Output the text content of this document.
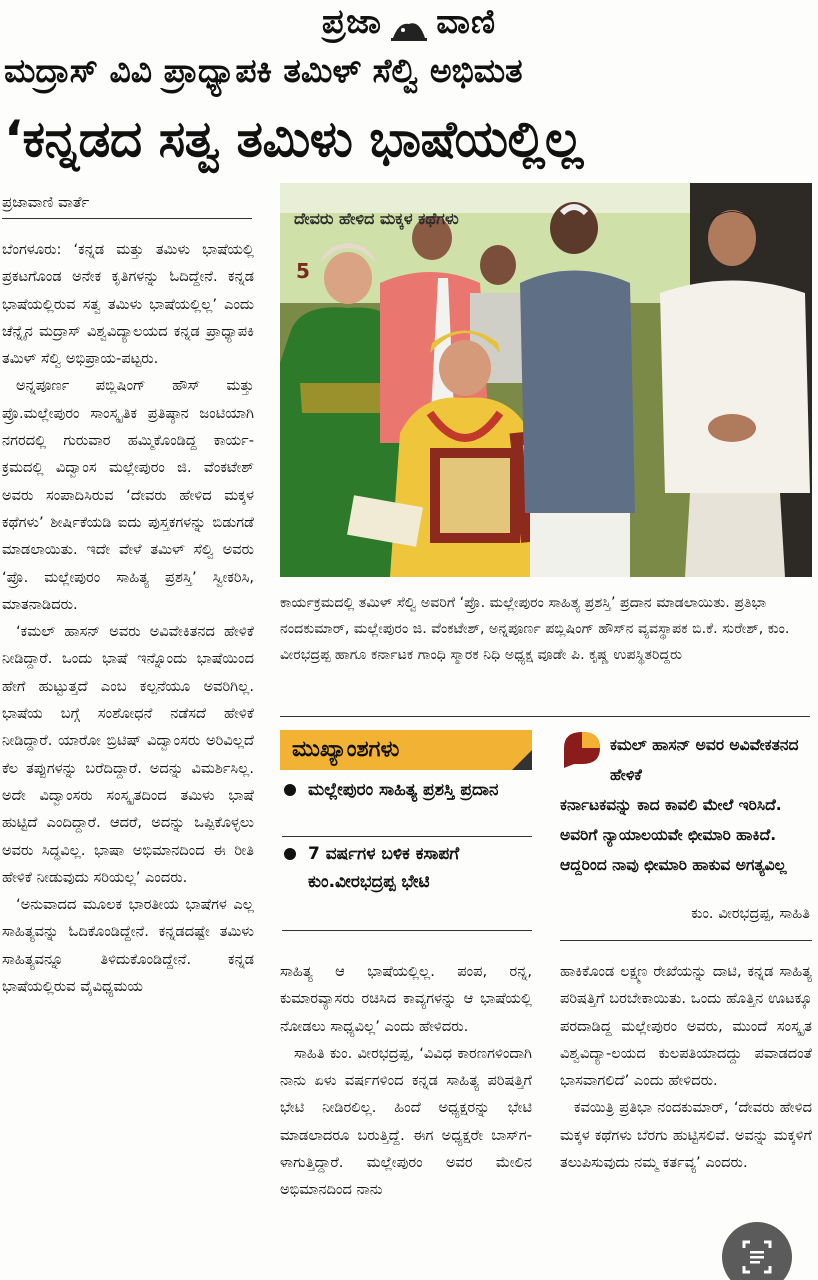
ಪ್ರಜಾ ವಾಣಿ
ಮದ್ರಾಸ್ ವಿವಿ ಪ್ರಾಧ್ಯಾಪಕಿ ತಮಿಳ್ ಸೆಲ್ವಿ ಅಭಿಮತ
‘ಕನ್ನಡದ ಸತ್ವ ತಮಿಳು ಭಾಷೆಯಲ್ಲಿಲ್ಲ
ಪ್ರಜಾವಾಣಿ ವಾರ್ತೆ

ಬೆಂಗಳೂರು: ‘ಕನ್ನಡ ಮತ್ತು ತಮಿಳು ಭಾಷೆಯಲ್ಲಿ ಪ್ರಕಟಗೊಂಡ ಅನೇಕ ಕೃತಿಗಳನ್ನು ಓದಿದ್ದೇನೆ. ಕನ್ನಡ ಭಾಷೆಯಲ್ಲಿರುವ ಸತ್ವ ತಮಿಳು ಭಾಷೆಯಲ್ಲಿಲ್ಲ’ ಎಂದು ಚೆನ್ನೈನ ಮದ್ರಾಸ್ ವಿಶ್ವವಿದ್ಯಾಲಯದ ಕನ್ನಡ ಪ್ರಾಧ್ಯಾಪಕಿ ತಮಿಳ್ ಸೆಲ್ವಿ ಅಭಿಪ್ರಾಯ-ಪಟ್ಟರು.

ಅನ್ನಪೂರ್ಣ ಪಬ್ಲಿಷಿಂಗ್ ಹೌಸ್ ಮತ್ತು ಪ್ರೊ.ಮಲ್ಲೇಪುರಂ ಸಾಂಸ್ಕೃತಿಕ ಪ್ರತಿಷ್ಠಾನ ಜಂಟಿಯಾಗಿ ನಗರದಲ್ಲಿ ಗುರುವಾರ ಹಮ್ಮಿಕೊಂಡಿದ್ದ ಕಾರ್ಯ-ಕ್ರಮದಲ್ಲಿ ವಿದ್ವಾಂಸ ಮಲ್ಲೇಪುರಂ ಜಿ. ವೆಂಕಟೇಶ್ ಅವರು ಸಂಪಾದಿಸಿರುವ ‘ದೇವರು ಹೇಳಿದ ಮಕ್ಕಳ ಕಥೆಗಳು’ ಶೀರ್ಷಿಕೆಯಡಿ ಐದು ಪುಸ್ತಕಗಳನ್ನು ಬಿಡುಗಡೆ ಮಾಡಲಾಯಿತು. ಇದೇ ವೇಳೆ ತಮಿಳ್ ಸೆಲ್ವಿ ಅವರು ‘ಪ್ರೊ. ಮಲ್ಲೇಪುರಂ ಸಾಹಿತ್ಯ ಪ್ರಶಸ್ತಿ’ ಸ್ವೀಕರಿಸಿ, ಮಾತನಾಡಿದರು.

‘ಕಮಲ್ ಹಾಸನ್ ಅವರು ಅವಿವೇಕಿತನದ ಹೇಳಿಕೆ ನೀಡಿದ್ದಾರೆ. ಒಂದು ಭಾಷೆ ಇನ್ನೊಂದು ಭಾಷೆಯಿಂದ ಹೇಗೆ ಹುಟ್ಟುತ್ತದೆ ಎಂಬ ಕಲ್ಪನೆಯೂ ಅವರಿಗಿಲ್ಲ. ಭಾಷೆಯ ಬಗ್ಗೆ ಸಂಶೋಧನೆ ನಡೆಸದೆ ಹೇಳಿಕೆ ನೀಡಿದ್ದಾರೆ. ಯಾರೋ ಬ್ರಿಟಿಷ್ ವಿದ್ವಾಂಸರು ಅರಿವಿಲ್ಲದೆ ಕೆಲ ತಪ್ಪುಗಳನ್ನು ಬರೆದಿದ್ದಾರೆ. ಅದನ್ನು ವಿಮರ್ಶಿಸಿಲ್ಲ. ಅದೇ ವಿದ್ವಾಂಸರು ಸಂಸ್ಕೃತದಿಂದ ತಮಿಳು ಭಾಷೆ ಹುಟ್ಟಿದೆ ಎಂದಿದ್ದಾರೆ. ಆದರೆ, ಅದನ್ನು ಒಪ್ಪಿಕೊಳ್ಳಲು ಅವರು ಸಿದ್ಧವಿಲ್ಲ. ಭಾಷಾ ಅಭಿಮಾನದಿಂದ ಈ ರೀತಿ ಹೇಳಿಕೆ ನೀಡುವುದು ಸರಿಯಲ್ಲ’ ಎಂದರು.

‘ಅನುವಾದದ ಮೂಲಕ ಭಾರತೀಯ ಭಾಷೆಗಳ ಎಲ್ಲ ಸಾಹಿತ್ಯವನ್ನು ಓದಿಕೊಂಡಿದ್ದೇನೆ. ಕನ್ನಡದಷ್ಟೇ ತಮಿಳು ಸಾಹಿತ್ಯವನ್ನೂ ತಿಳಿದುಕೊಂಡಿದ್ದೇನೆ. ಕನ್ನಡ ಭಾಷೆಯಲ್ಲಿರುವ ವೈವಿಧ್ಯಮಯ

ದೇವರು ಹೇಳಿದ ಮಕ್ಕಳ ಕಥೆಗಳು
5
ಕಾರ್ಯಕ್ರಮದಲ್ಲಿ ತಮಿಳ್ ಸೆಲ್ವಿ ಅವರಿಗೆ ‘ಪ್ರೊ. ಮಲ್ಲೇಪುರಂ ಸಾಹಿತ್ಯ ಪ್ರಶಸ್ತಿ’ ಪ್ರದಾನ ಮಾಡಲಾಯಿತು. ಪ್ರತಿಭಾ ನಂದಕುಮಾರ್, ಮಲ್ಲೇಪುರಂ ಜಿ. ವೆಂಕಟೇಶ್, ಅನ್ನಪೂರ್ಣ ಪಬ್ಲಿಷಿಂಗ್ ಹೌಸ್‌ನ ವ್ಯವಸ್ಥಾಪಕ ಬಿ.ಕೆ. ಸುರೇಶ್, ಕುಂ. ವೀರಭದ್ರಪ್ಪ ಹಾಗೂ ಕರ್ನಾಟಕ ಗಾಂಧಿ ಸ್ಮಾರಕ ನಿಧಿ ಅಧ್ಯಕ್ಷ ವೂಡೇ ಪಿ. ಕೃಷ್ಣ ಉಪಸ್ಥಿತರಿದ್ದರು
ಮುಖ್ಯಾಂಶಗಳು
ಮಲ್ಲೇಪುರಂ ಸಾಹಿತ್ಯ ಪ್ರಶಸ್ತಿ ಪ್ರದಾನ
7 ವರ್ಷಗಳ ಬಳಿಕ ಕಸಾಪಗೆ ಕುಂ.ವೀರಭದ್ರಪ್ಪ ಭೇಟಿ
ಕಮಲ್ ಹಾಸನ್ ಅವರ ಅವಿವೇಕತನದ ಹೇಳಿಕೆ
ಕರ್ನಾಟಕವನ್ನು ಕಾದ ಕಾವಲಿ ಮೇಲೆ ಇರಿಸಿದೆ. ಅವರಿಗೆ ನ್ಯಾಯಾಲಯವೇ ಛೀಮಾರಿ ಹಾಕಿದೆ. ಆದ್ದರಿಂದ ನಾವು ಛೀಮಾರಿ ಹಾಕುವ ಅಗತ್ಯವಿಲ್ಲ
ಕುಂ. ವೀರಭದ್ರಪ್ಪ, ಸಾಹಿತಿ

ಸಾಹಿತ್ಯ ಆ ಭಾಷೆಯಲ್ಲಿಲ್ಲ. ಪಂಪ, ರನ್ನ, ಕುಮಾರವ್ಯಾಸರು ರಚಿಸಿದ ಕಾವ್ಯಗಳನ್ನು ಆ ಭಾಷೆಯಲ್ಲಿ ನೋಡಲು ಸಾಧ್ಯವಿಲ್ಲ’ ಎಂದು ಹೇಳಿದರು.

ಸಾಹಿತಿ ಕುಂ. ವೀರಭದ್ರಪ್ಪ, ‘ವಿವಿಧ ಕಾರಣಗಳಿಂದಾಗಿ ನಾನು ಏಳು ವರ್ಷಗಳಿಂದ ಕನ್ನಡ ಸಾಹಿತ್ಯ ಪರಿಷತ್ತಿಗೆ ಭೇಟಿ ನೀಡಿರಲಿಲ್ಲ. ಹಿಂದೆ ಅಧ್ಯಕ್ಷರನ್ನು ಭೇಟಿ ಮಾಡಲಾದರೂ ಬರುತ್ತಿದ್ದೆ. ಈಗ ಅಧ್ಯಕ್ಷರೇ ಬಾಸ್‌ಗ-ಳಾಗುತ್ತಿದ್ದಾರೆ. ಮಲ್ಲೇಪುರಂ ಅವರ ಮೇಲಿನ ಅಭಿಮಾನದಿಂದ ನಾನು

ಹಾಕಿಕೊಂಡ ಲಕ್ಷ್ಮಣ ರೇಖೆಯನ್ನು ದಾಟಿ, ಕನ್ನಡ ಸಾಹಿತ್ಯ ಪರಿಷತ್ತಿಗೆ ಬರಬೇಕಾಯಿತು. ಒಂದು ಹೊತ್ತಿನ ಊಟಕ್ಕೂ ಪರದಾಡಿದ್ದ ಮಲ್ಲೇಪುರಂ ಅವರು, ಮುಂದೆ ಸಂಸ್ಕೃತ ವಿಶ್ವವಿದ್ಯಾ-ಲಯದ ಕುಲಪತಿಯಾದದ್ದು ಪವಾಡದಂತೆ ಭಾಸವಾಗಲಿದೆ’ ಎಂದು ಹೇಳಿದರು.

ಕವಯಿತ್ರಿ ಪ್ರತಿಭಾ ನಂದಕುಮಾರ್, ‘ದೇವರು ಹೇಳಿದ ಮಕ್ಕಳ ಕಥೆಗಳು ಬೆರಗು ಹುಟ್ಟಿಸಲಿವೆ. ಅವನ್ನು ಮಕ್ಕಳಿಗೆ ತಲುಪಿಸುವುದು ನಮ್ಮ ಕರ್ತವ್ಯ’ ಎಂದರು.
